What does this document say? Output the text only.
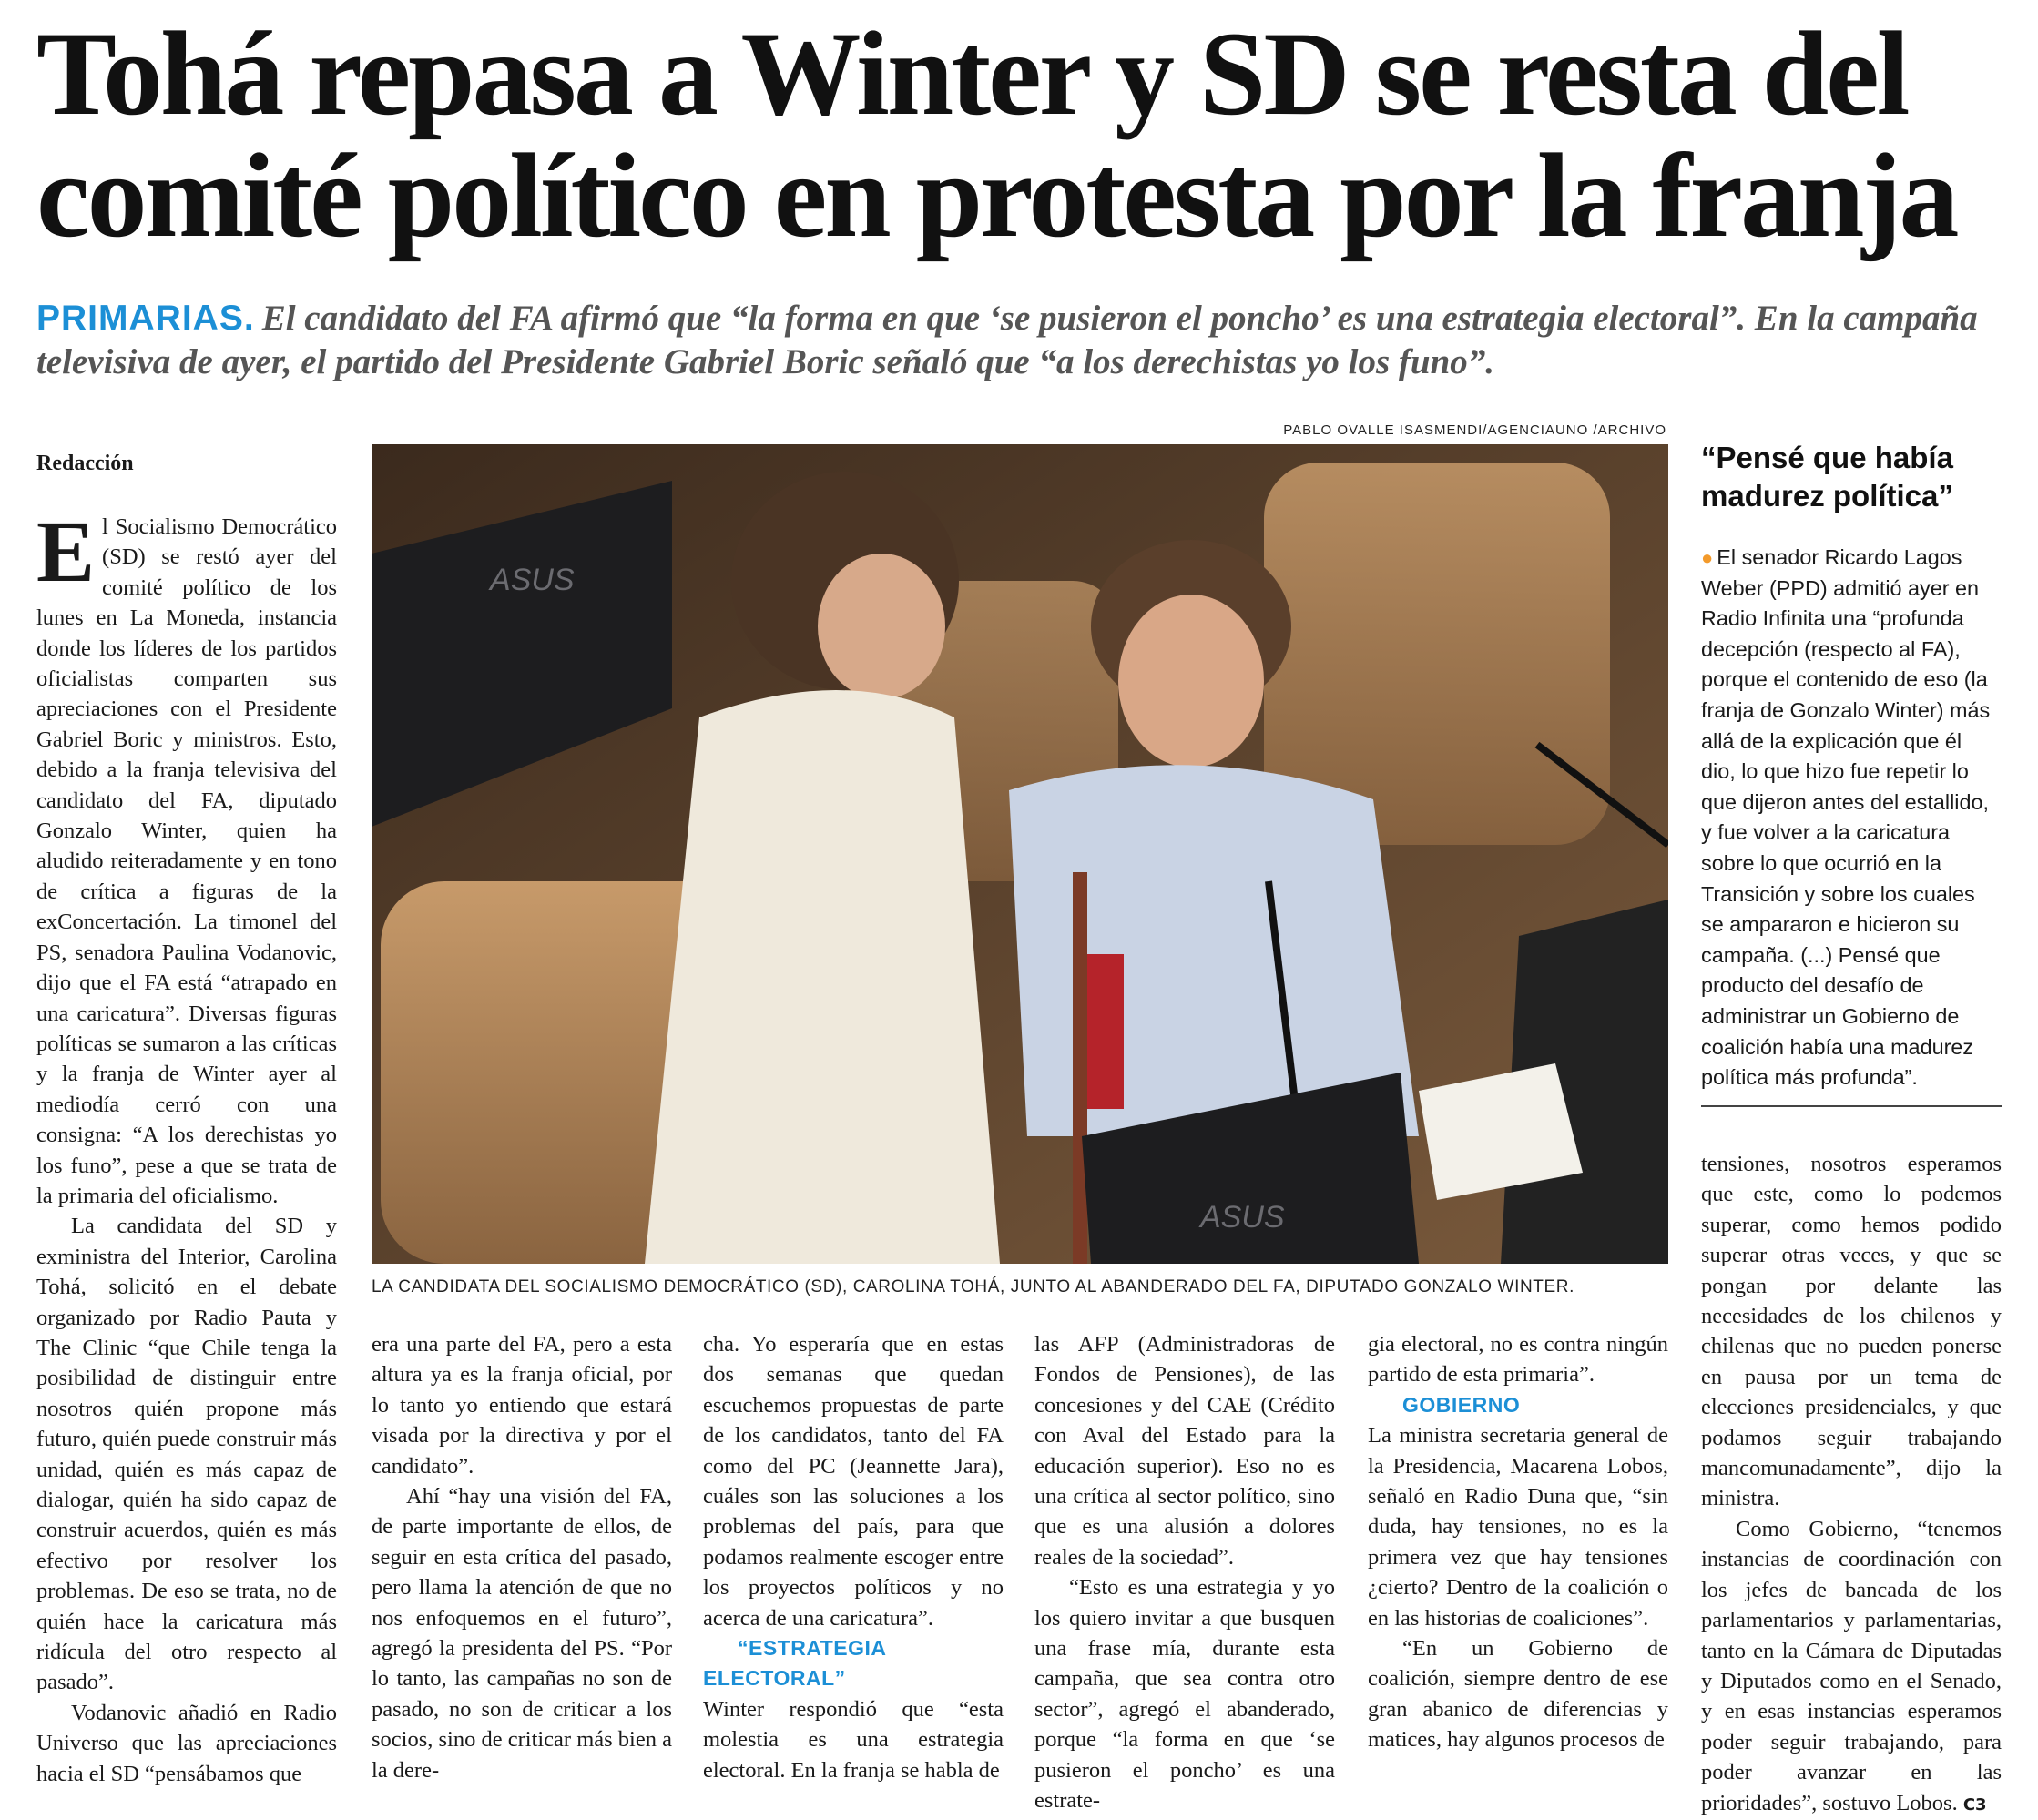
Tohá repasa a Winter y SD se resta del comité político en protesta por la franja

PRIMARIAS. El candidato del FA afirmó que “la forma en que ‘se pusieron el poncho’ es una estrategia electoral”. En la campaña televisiva de ayer, el partido del Presidente Gabriel Boric señaló que “a los derechistas yo los funo”.

PABLO OVALLE ISASMENDI/AGENCIAUNO /ARCHIVO
Redacción

El Socialismo Democrático (SD) se restó ayer del comité político de los lunes en La Moneda, instancia donde los líderes de los partidos oficialistas comparten sus apreciaciones con el Presidente Gabriel Boric y ministros. Esto, debido a la franja televisiva del candidato del FA, diputado Gonzalo Winter, quien ha aludido reiteradamente y en tono de crítica a figuras de la exConcertación. La timonel del PS, senadora Paulina Vodanovic, dijo que el FA está “atrapado en una caricatura”. Diversas figuras políticas se sumaron a las críticas y la franja de Winter ayer al mediodía cerró con una consigna: “A los derechistas yo los funo”, pese a que se trata de la primaria del oficialismo.

La candidata del SD y exministra del Interior, Carolina Tohá, solicitó en el debate organizado por Radio Pauta y The Clinic “que Chile tenga la posibilidad de distinguir entre nosotros quién propone más futuro, quién puede construir más unidad, quién es más capaz de dialogar, quién ha sido capaz de construir acuerdos, quién es más efectivo por resolver los problemas. De eso se trata, no de quién hace la caricatura más ridícula del otro respecto al pasado”.

Vodanovic añadió en Radio Universo que las apreciaciones hacia el SD “pensábamos que

ASUS
ASUS
LA CANDIDATA DEL SOCIALISMO DEMOCRÁTICO (SD), CAROLINA TOHÁ, JUNTO AL ABANDERADO DEL FA, DIPUTADO GONZALO WINTER.

era una parte del FA, pero a esta altura ya es la franja oficial, por lo tanto yo entiendo que estará visada por la directiva y por el candidato”.

Ahí “hay una visión del FA, de parte importante de ellos, de seguir en esta crítica del pasado, pero llama la atención de que no nos enfoquemos en el futuro”, agregó la presidenta del PS. “Por lo tanto, las campañas no son de pasado, no son de criticar a los socios, sino de criticar más bien a la dere-

cha. Yo esperaría que en estas dos semanas que quedan escuchemos propuestas de parte de los candidatos, tanto del FA como del PC (Jeannette Jara), cuáles son las soluciones a los problemas del país, para que podamos realmente escoger entre los proyectos políticos y no acerca de una caricatura”.

“ESTRATEGIA ELECTORAL”

Winter respondió que “esta molestia es una estrategia electoral. En la franja se habla de

las AFP (Administradoras de Fondos de Pensiones), de las concesiones y del CAE (Crédito con Aval del Estado para la educación superior). Eso no es una crítica al sector político, sino que es una alusión a dolores reales de la sociedad”.

“Esto es una estrategia y yo los quiero invitar a que busquen una frase mía, durante esta campaña, que sea contra otro sector”, agregó el abanderado, porque “la forma en que ‘se pusieron el poncho’ es una estrate-

gia electoral, no es contra ningún partido de esta primaria”.

GOBIERNO

La ministra secretaria general de la Presidencia, Macarena Lobos, señaló en Radio Duna que, “sin duda, hay tensiones, no es la primera vez que hay tensiones ¿cierto? Dentro de la coalición o en las historias de coaliciones”.

“En un Gobierno de coalición, siempre dentro de ese gran abanico de diferencias y matices, hay algunos procesos de

“Pensé que había madurez política”
● El senador Ricardo Lagos Weber (PPD) admitió ayer en Radio Infinita una “profunda decepción (respecto al FA), porque el contenido de eso (la franja de Gonzalo Winter) más allá de la explicación que él dio, lo que hizo fue repetir lo que dijeron antes del estallido, y fue volver a la caricatura sobre lo que ocurrió en la Transición y sobre los cuales se ampararon e hicieron su campaña. (...) Pensé que producto del desafío de administrar un Gobierno de coalición había una madurez política más profunda”.

tensiones, nosotros esperamos que este, como lo podemos superar, como hemos podido superar otras veces, y que se pongan por delante las necesidades de los chilenos y chilenas que no pueden ponerse en pausa por un tema de elecciones presidenciales, y que podamos seguir trabajando mancomunadamente”, dijo la ministra.

Como Gobierno, “tenemos instancias de coordinación con los jefes de bancada de los parlamentarios y parlamentarias, tanto en la Cámara de Diputadas y Diputados como en el Senado, y en esas instancias esperamos poder seguir trabajando, para poder avanzar en las prioridades”, sostuvo Lobos. C3
